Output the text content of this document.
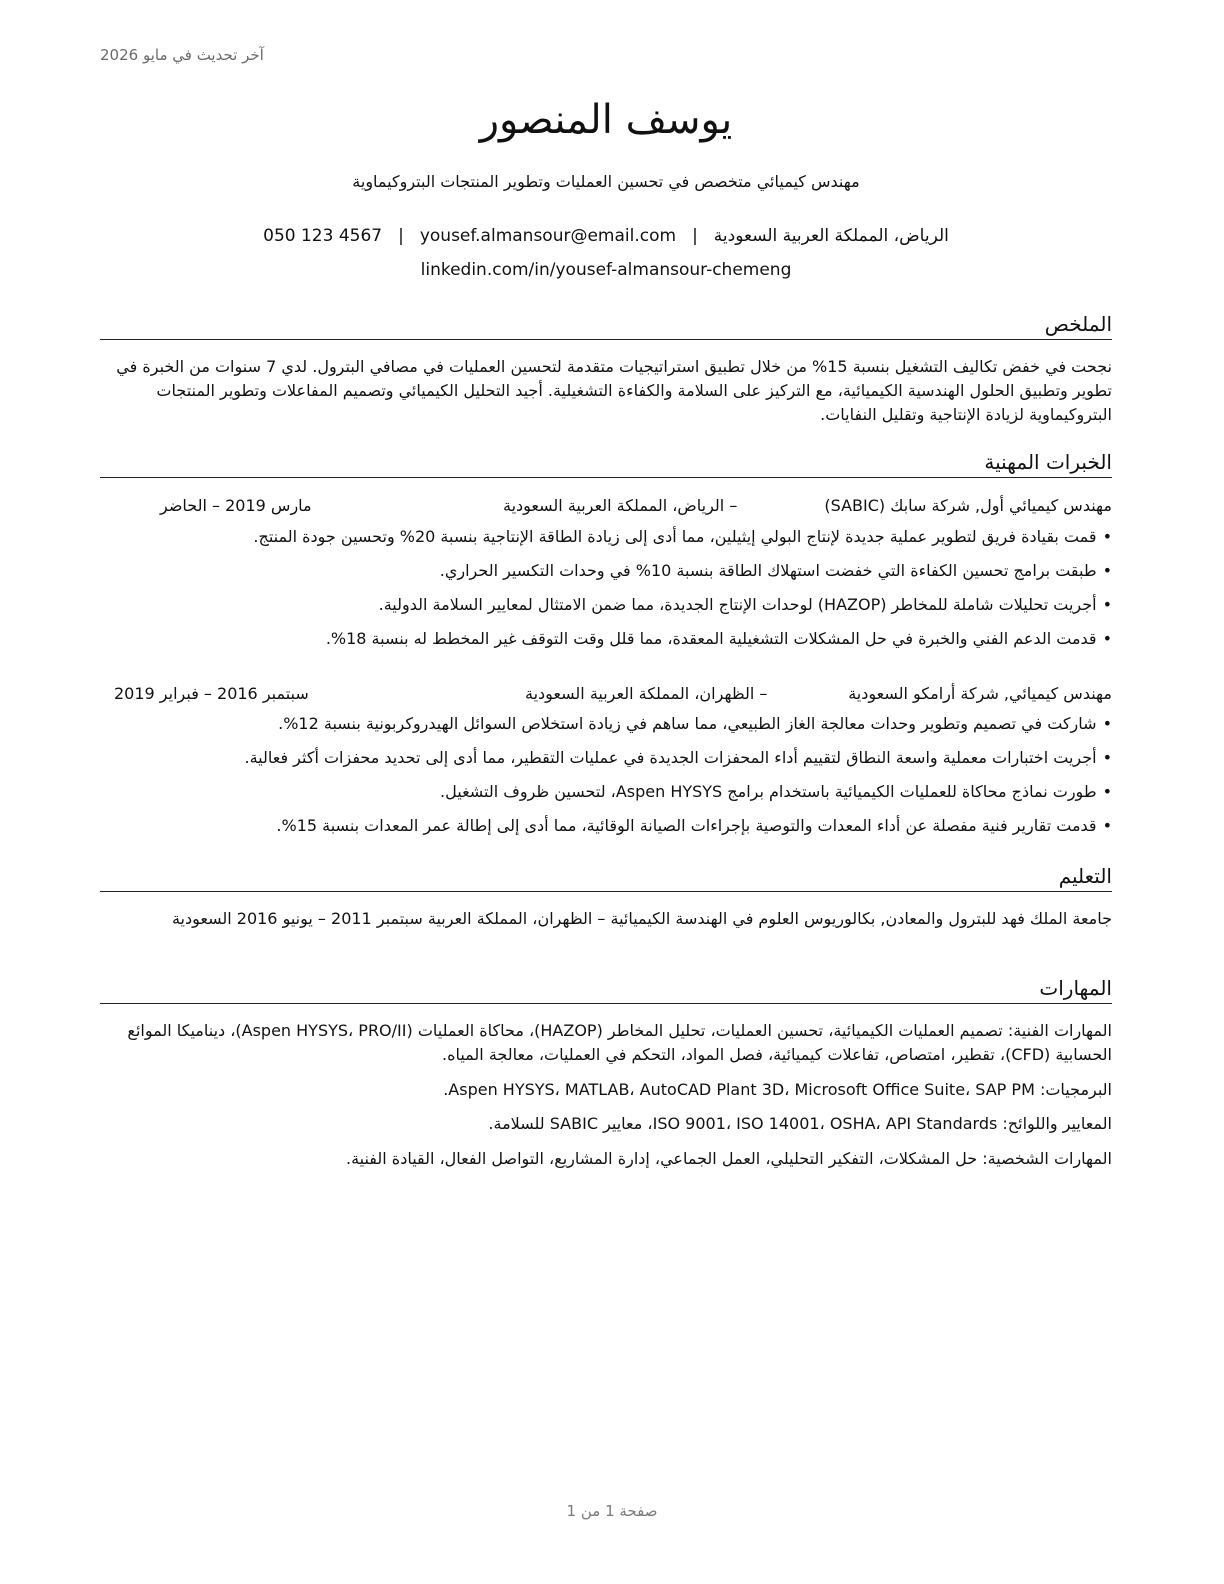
آخر تحديث في مايو 2026
يوسف المنصور
مهندس كيميائي متخصص في تحسين العمليات وتطوير المنتجات البتروكيماوية
الرياض، المملكة العربية السعودية|yousef.almansour@email.com|050 123 4567
linkedin.com/in/yousef-almansour-chemeng
الملخص
نجحت في خفض تكاليف التشغيل بنسبة 15% من خلال تطبيق استراتيجيات متقدمة لتحسين العمليات في مصافي البترول. لدي 7 سنوات من الخبرة في تطوير وتطبيق الحلول الهندسية الكيميائية، مع التركيز على السلامة والكفاءة التشغيلية. أجيد التحليل الكيميائي وتصميم المفاعلات وتطوير المنتجات البتروكيماوية لزيادة الإنتاجية وتقليل النفايات.
الخبرات المهنية
مهندس كيميائي أول, شركة سابك (SABIC)
– الرياض، المملكة العربية السعودية
مارس 2019 – الحاضر
•قمت بقيادة فريق لتطوير عملية جديدة لإنتاج البولي إيثيلين، مما أدى إلى زيادة الطاقة الإنتاجية بنسبة 20% وتحسين جودة المنتج.
•طبقت برامج تحسين الكفاءة التي خفضت استهلاك الطاقة بنسبة 10% في وحدات التكسير الحراري.
•أجريت تحليلات شاملة للمخاطر (HAZOP) لوحدات الإنتاج الجديدة، مما ضمن الامتثال لمعايير السلامة الدولية.
•قدمت الدعم الفني والخبرة في حل المشكلات التشغيلية المعقدة، مما قلل وقت التوقف غير المخطط له بنسبة 18%.
مهندس كيميائي, شركة أرامكو السعودية
– الظهران، المملكة العربية السعودية
سبتمبر 2016 – فبراير 2019
•شاركت في تصميم وتطوير وحدات معالجة الغاز الطبيعي، مما ساهم في زيادة استخلاص السوائل الهيدروكربونية بنسبة 12%.
•أجريت اختبارات معملية واسعة النطاق لتقييم أداء المحفزات الجديدة في عمليات التقطير، مما أدى إلى تحديد محفزات أكثر فعالية.
•طورت نماذج محاكاة للعمليات الكيميائية باستخدام برامج Aspen HYSYS، لتحسين ظروف التشغيل.
•قدمت تقارير فنية مفصلة عن أداء المعدات والتوصية بإجراءات الصيانة الوقائية، مما أدى إلى إطالة عمر المعدات بنسبة 15%.
التعليم
جامعة الملك فهد للبترول والمعادن, بكالوريوس العلوم في الهندسة الكيميائية – الظهران، المملكة العربية سبتمبر 2011 – يونيو 2016 السعودية
المهارات
المهارات الفنية: تصميم العمليات الكيميائية، تحسين العمليات، تحليل المخاطر (HAZOP)، محاكاة العمليات (Aspen HYSYS، PRO/II)، ديناميكا الموائع الحسابية (CFD)، تقطير، امتصاص، تفاعلات كيميائية، فصل المواد، التحكم في العمليات، معالجة المياه.
البرمجيات: Aspen HYSYS، MATLAB، AutoCAD Plant 3D، Microsoft Office Suite، SAP PM.
المعايير واللوائح: ISO 9001، ISO 14001، OSHA، API Standards، معايير SABIC للسلامة.
المهارات الشخصية: حل المشكلات، التفكير التحليلي، العمل الجماعي، إدارة المشاريع، التواصل الفعال، القيادة الفنية.
صفحة 1 من 1
